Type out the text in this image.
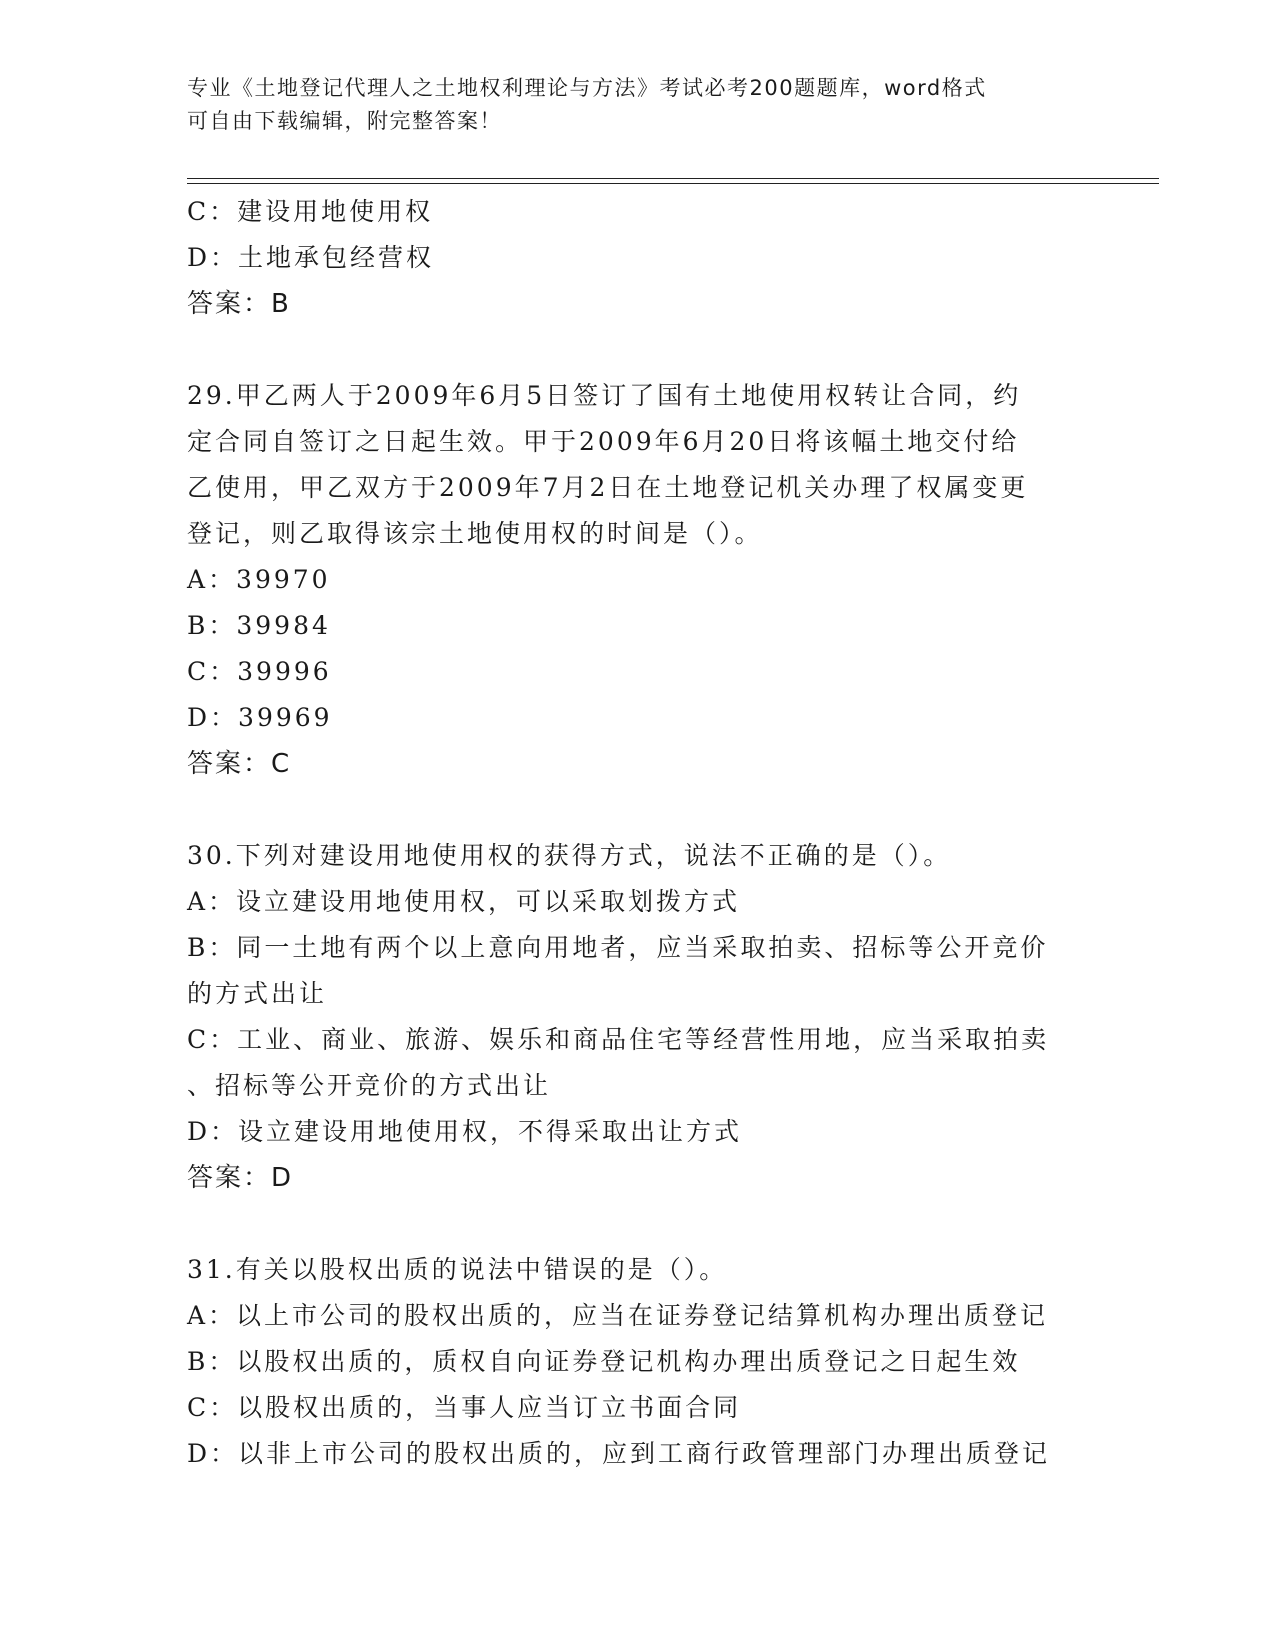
专业《土地登记代理人之土地权利理论与方法》考试必考200题题库，word格式
可自由下载编辑，附完整答案！
C：建设用地使用权
D：土地承包经营权
答案：B
29.甲乙两人于2009年6月5日签订了国有土地使用权转让合同，约
定合同自签订之日起生效。甲于2009年6月20日将该幅土地交付给
乙使用，甲乙双方于2009年7月2日在土地登记机关办理了权属变更
登记，则乙取得该宗土地使用权的时间是（）。
A：39970
B：39984
C：39996
D：39969
答案：C
30.下列对建设用地使用权的获得方式，说法不正确的是（）。
A：设立建设用地使用权，可以采取划拨方式
B：同一土地有两个以上意向用地者，应当采取拍卖、招标等公开竞价
的方式出让
C：工业、商业、旅游、娱乐和商品住宅等经营性用地，应当采取拍卖
、招标等公开竞价的方式出让
D：设立建设用地使用权，不得采取出让方式
答案：D
31.有关以股权出质的说法中错误的是（）。
A：以上市公司的股权出质的，应当在证券登记结算机构办理出质登记
B：以股权出质的，质权自向证券登记机构办理出质登记之日起生效
C：以股权出质的，当事人应当订立书面合同
D：以非上市公司的股权出质的，应到工商行政管理部门办理出质登记
